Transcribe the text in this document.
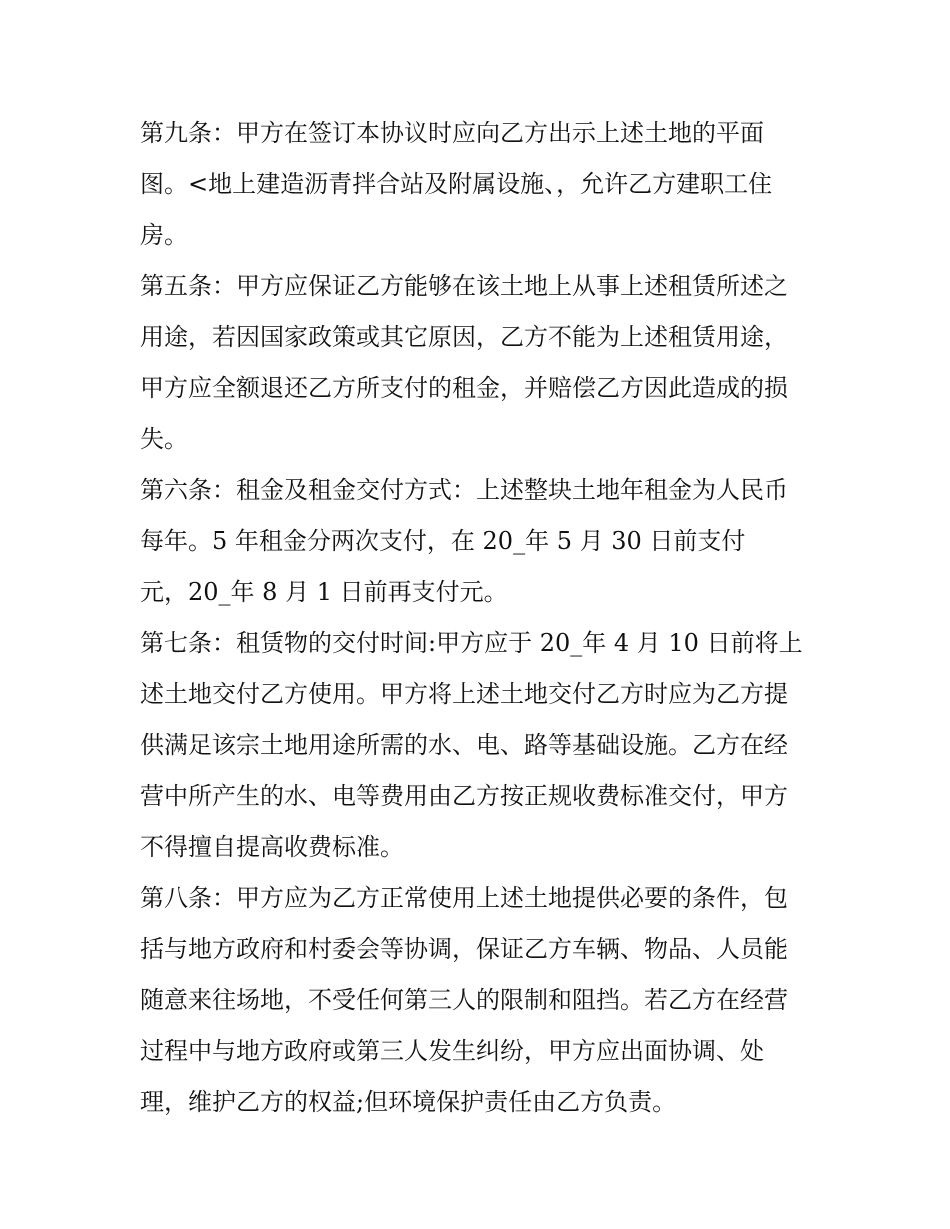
第九条：甲方在签订本协议时应向乙方出示上述土地的平面
图。<地上建造沥青拌合站及附属设施、，允许乙方建职工住
房。
第五条：甲方应保证乙方能够在该土地上从事上述租赁所述之
用途，若因国家政策或其它原因，乙方不能为上述租赁用途，
甲方应全额退还乙方所支付的租金，并赔偿乙方因此造成的损
失。
第六条：租金及租金交付方式：上述整块土地年租金为人民币
每年。5 年租金分两次支付，在 20_年 5 月 30 日前支付
元，20_年 8 月 1 日前再支付元。
第七条：租赁物的交付时间:甲方应于 20_年 4 月 10 日前将上
述土地交付乙方使用。甲方将上述土地交付乙方时应为乙方提
供满足该宗土地用途所需的水、电、路等基础设施。乙方在经
营中所产生的水、电等费用由乙方按正规收费标准交付，甲方
不得擅自提高收费标准。
第八条：甲方应为乙方正常使用上述土地提供必要的条件，包
括与地方政府和村委会等协调，保证乙方车辆、物品、人员能
随意来往场地，不受任何第三人的限制和阻挡。若乙方在经营
过程中与地方政府或第三人发生纠纷，甲方应出面协调、处
理，维护乙方的权益;但环境保护责任由乙方负责。
